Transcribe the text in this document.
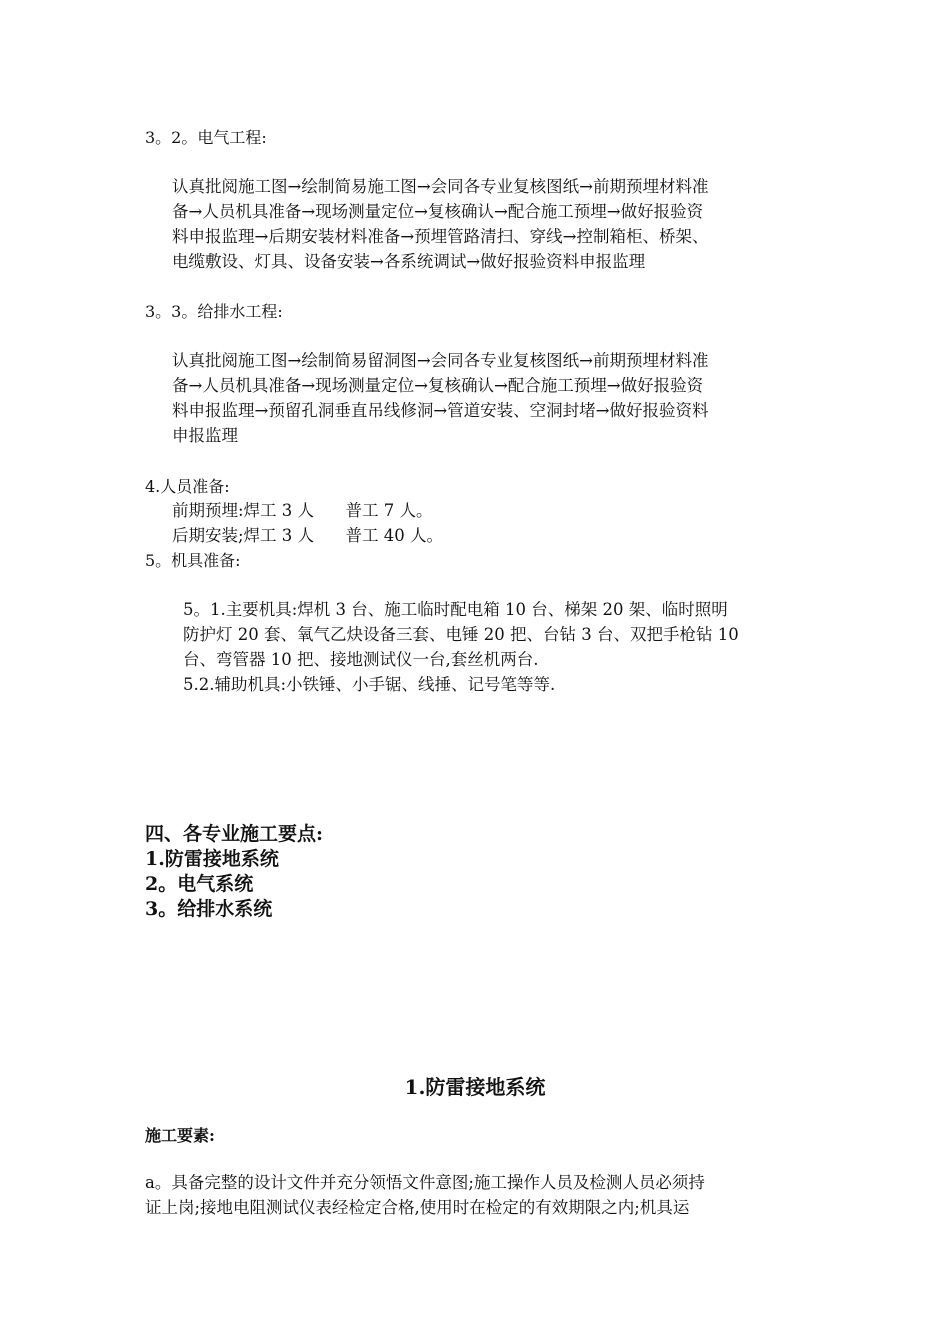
3。2。电气工程:

认真批阅施工图→绘制简易施工图→会同各专业复核图纸→前期预埋材料准

备→人员机具准备→现场测量定位→复核确认→配合施工预埋→做好报验资

料申报监理→后期安装材料准备→预埋管路清扫、穿线→控制箱柜、桥架、

电缆敷设、灯具、设备安装→各系统调试→做好报验资料申报监理

3。3。给排水工程:

认真批阅施工图→绘制简易留洞图→会同各专业复核图纸→前期预埋材料准

备→人员机具准备→现场测量定位→复核确认→配合施工预埋→做好报验资

料申报监理→预留孔洞垂直吊线修洞→管道安装、空洞封堵→做好报验资料

申报监理

4.人员准备:

前期预埋:焊工 3 人      普工 7 人。

后期安装;焊工 3 人      普工 40 人。

5。机具准备:

5。1.主要机具:焊机 3 台、施工临时配电箱 10 台、梯架 20 架、临时照明

防护灯 20 套、氧气乙炔设备三套、电锤 20 把、台钻 3 台、双把手枪钻 10

台、弯管器 10 把、接地测试仪一台,套丝机两台.

5.2.辅助机具:小铁锤、小手锯、线捶、记号笔等等.

四、各专业施工要点:
1.防雷接地系统
2。电气系统
3。给排水系统
1.防雷接地系统
施工要素:

a。具备完整的设计文件并充分领悟文件意图;施工操作人员及检测人员必须持

证上岗;接地电阻测试仪表经检定合格,使用时在检定的有效期限之内;机具运
